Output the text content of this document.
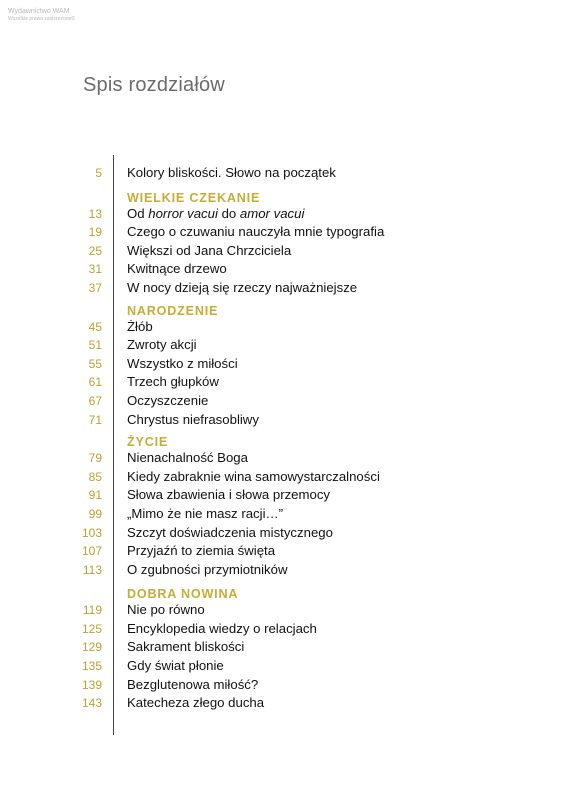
Wydawnictwo WAM
Wszelkie prawa zastrzeżone©
Spis rozdziałów
5 Kolory bliskości. Słowo na początek
WIELKIE CZEKANIE
13 Od horror vacui do amor vacui
19 Czego o czuwaniu nauczyła mnie typografia
25 Większi od Jana Chrzciciela
31 Kwitnące drzewo
37 W nocy dzieją się rzeczy najważniejsze
NARODZENIE
45 Żłób
51 Zwroty akcji
55 Wszystko z miłości
61 Trzech głupków
67 Oczyszczenie
71 Chrystus niefrasobliwy
ŻYCIE
79 Nienachalność Boga
85 Kiedy zabraknie wina samowystarczalności
91 Słowa zbawienia i słowa przemocy
99 „Mimo że nie masz racji…”
103 Szczyt doświadczenia mistycznego
107 Przyjaźń to ziemia święta
113 O zgubności przymiotników
DOBRA NOWINA
119 Nie po równo
125 Encyklopedia wiedzy o relacjach
129 Sakrament bliskości
135 Gdy świat płonie
139 Bezglutenowa miłość?
143 Katecheza złego ducha
